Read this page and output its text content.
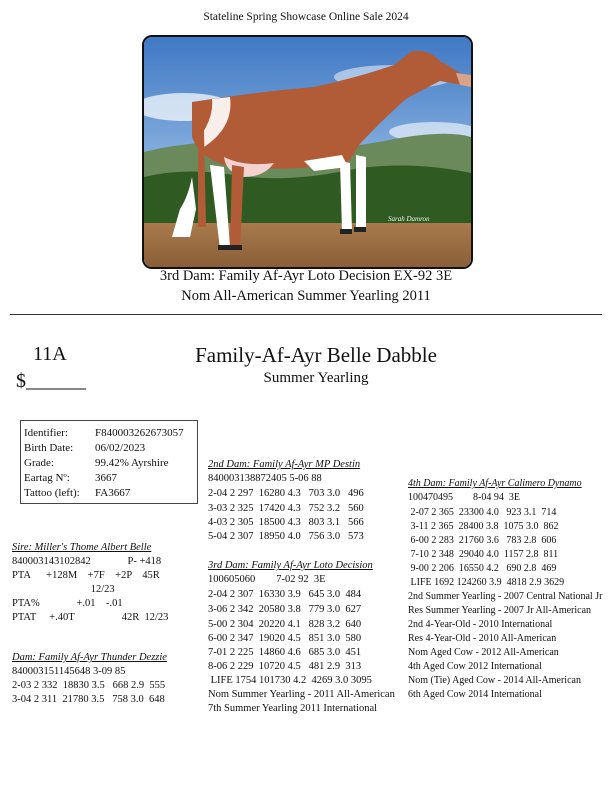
Stateline Spring Showcase Online Sale 2024
Sarah Damron
3rd Dam: Family Af-Ayr Loto Decision EX-92 3E
Nom All-American Summer Yearling 2011
11A
$______
Family-Af-Ayr Belle Dabble
Summer Yearling
Identifier: F840003262673057
Birth Date: 06/02/2023
Grade:	99.42% Ayrshire
Eartag Nº: 3667
Tattoo (left): FA3667
Sire: Miller's Thome Albert Belle
840003143102842              P- +418
PTA      +128M    +7F    +2P    45R
12/23
PTA%              +.01    -.01
PTAT     +.40T                  42R  12/23
Dam: Family Af-Ayr Thunder Dezzie
840003151145648 3-09 85
2-03 2 332  18830 3.5   668 2.9  555
3-04 2 311  21780 3.5   758 3.0  648
2nd Dam: Family Af-Ayr MP Destin
840003138872405 5-06 88
2-04 2 297  16280 4.3   703 3.0   496
3-03 2 325  17420 4.3   752 3.2   560
4-03 2 305  18500 4.3   803 3.1   566
5-04 2 307  18950 4.0   756 3.0   573
3rd Dam: Family Af-Ayr Loto Decision
100605060        7-02 92  3E
2-04 2 307  16330 3.9   645 3.0  484
3-06 2 342  20580 3.8   779 3.0  627
5-00 2 304  20220 4.1   828 3.2  640
6-00 2 347  19020 4.5   851 3.0  580
7-01 2 225  14860 4.6   685 3.0  451
8-06 2 229  10720 4.5   481 2.9  313
LIFE 1754 101730 4.2  4269 3.0 3095
Nom Summer Yearling - 2011 All-American
7th Summer Yearling 2011 International
4th Dam: Family Af-Ayr Calimero Dynamo
100470495        8-04 94  3E
2-07 2 365  23300 4.0   923 3.1  714
3-11 2 365  28400 3.8  1075 3.0  862
6-00 2 283  21760 3.6   783 2.8  606
7-10 2 348  29040 4.0  1157 2.8  811
9-00 2 206  16550 4.2   690 2.8  469
LIFE 1692 124260 3.9  4818 2.9 3629
2nd Summer Yearling - 2007 Central National Jr
Res Summer Yearling - 2007 Jr All-American
2nd 4-Year-Old - 2010 International
Res 4-Year-Old - 2010 All-American
Nom Aged Cow - 2012 All-American
4th Aged Cow 2012 International
Nom (Tie) Aged Cow - 2014 All-American
6th Aged Cow 2014 International
